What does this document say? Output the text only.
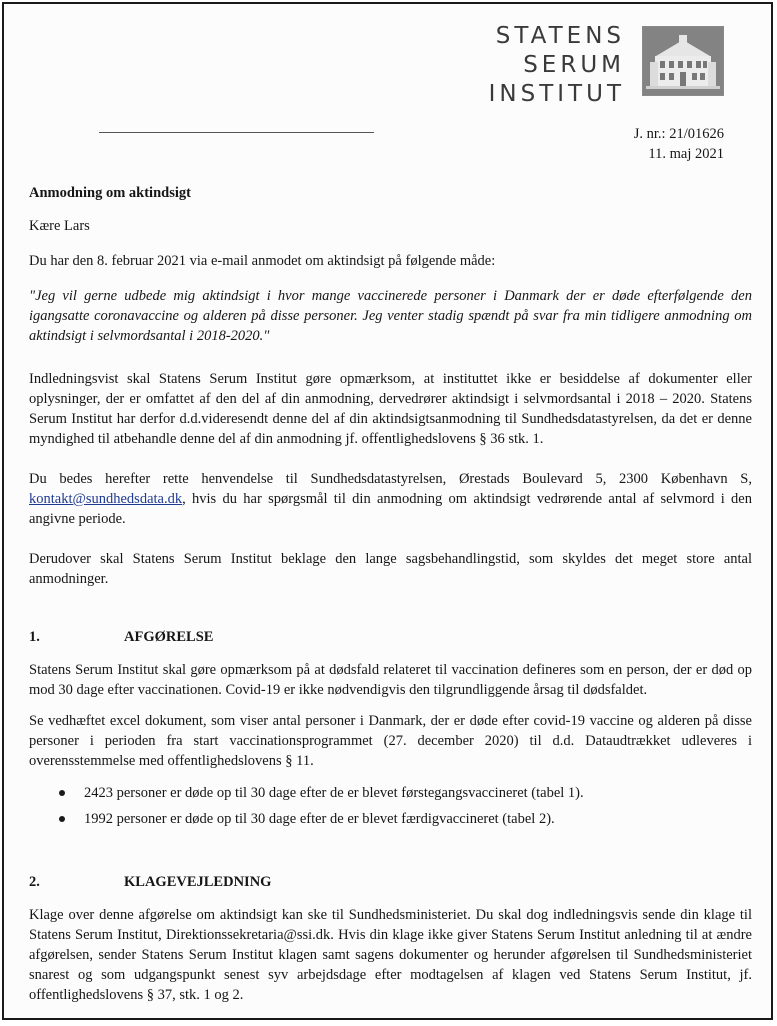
STATENS
SERUM
INSTITUT
J. nr.: 21/01626
11. maj 2021

Anmodning om aktindsigt

Kære Lars

Du har den 8. februar 2021 via e-mail anmodet om aktindsigt på følgende måde:

"Jeg vil gerne udbede mig aktindsigt i hvor mange vaccinerede personer i Danmark der er døde efterfølgende den igangsatte coronavaccine og alderen på disse personer. Jeg venter stadig spændt på svar fra min tidligere anmodning om aktindsigt i selvmordsantal i 2018-2020."

Indledningsvist skal Statens Serum Institut gøre opmærksom, at instituttet ikke er besiddelse af dokumenter eller oplysninger, der er omfattet af den del af din anmodning, dervedrører aktindsigt i selvmordsantal i 2018 – 2020. Statens Serum Institut har derfor d.d.videresendt denne del af din aktindsigtsanmodning til Sundhedsdatastyrelsen, da det er denne myndighed til atbehandle denne del af din anmodning jf. offentlighedslovens § 36 stk. 1.

Du bedes herefter rette henvendelse til Sundhedsdatastyrelsen, Ørestads Boulevard 5, 2300 København S, kontakt@sundhedsdata.dk, hvis du har spørgsmål til din anmodning om aktindsigt vedrørende antal af selvmord i den angivne periode.

Derudover skal Statens Serum Institut beklage den lange sagsbehandlingstid, som skyldes det meget store antal anmodninger.

1.	AFGØRELSE

Statens Serum Institut skal gøre opmærksom på at dødsfald relateret til vaccination defineres som en person, der er død op mod 30 dage efter vaccinationen. Covid-19 er ikke nødvendigvis den tilgrundliggende årsag til dødsfaldet.

Se vedhæftet excel dokument, som viser antal personer i Danmark, der er døde efter covid-19 vaccine og alderen på disse personer i perioden fra start vaccinationsprogrammet (27. december 2020) til d.d. Dataudtrækket udleveres i overensstemmelse med offentlighedslovens § 11.

2423 personer er døde op til 30 dage efter de er blevet førstegangsvaccineret (tabel 1).
1992 personer er døde op til 30 dage efter de er blevet færdigvaccineret (tabel 2).
2.	KLAGEVEJLEDNING

Klage over denne afgørelse om aktindsigt kan ske til Sundhedsministeriet. Du skal dog indledningsvis sende din klage til Statens Serum Institut, Direktionssekretaria@ssi.dk. Hvis din klage ikke giver Statens Serum Institut anledning til at ændre afgørelsen, sender Statens Serum Institut klagen samt sagens dokumenter og herunder afgørelsen til Sundhedsministeriet snarest og som udgangspunkt senest syv arbejdsdage efter modtagelsen af klagen ved Statens Serum Institut, jf. offentlighedslovens § 37, stk. 1 og 2.
